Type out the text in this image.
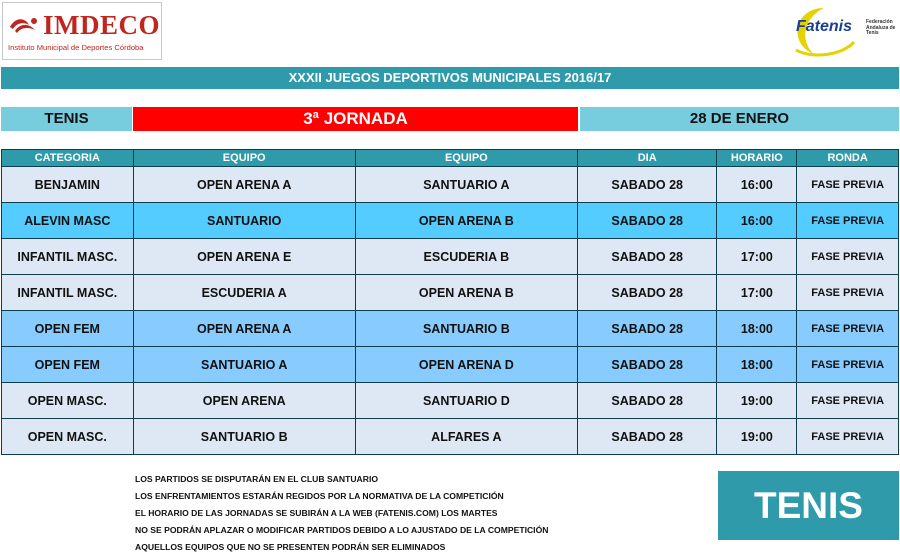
IMDECO
Instituto Municipal de Deportes Córdoba
Fatenis	Federación
Andaluza de
Tenis
XXXII JUEGOS DEPORTIVOS MUNICIPALES 2016/17
TENIS	3ª JORNADA	28 DE ENERO
CATEGORIA	EQUIPO	EQUIPO	DIA	HORARIO	RONDA
BENJAMIN	OPEN ARENA A	SANTUARIO A	SABADO 28	16:00	FASE PREVIA
ALEVIN MASC	SANTUARIO	OPEN ARENA B	SABADO 28	16:00	FASE PREVIA
INFANTIL MASC.	OPEN ARENA E	ESCUDERIA B	SABADO 28	17:00	FASE PREVIA
INFANTIL MASC.	ESCUDERIA A	OPEN ARENA B	SABADO 28	17:00	FASE PREVIA
OPEN FEM	OPEN ARENA A	SANTUARIO B	SABADO 28	18:00	FASE PREVIA
OPEN FEM	SANTUARIO A	OPEN ARENA D	SABADO 28	18:00	FASE PREVIA
OPEN MASC.	OPEN ARENA	SANTUARIO D	SABADO 28	19:00	FASE PREVIA
OPEN MASC.	SANTUARIO B	ALFARES A	SABADO 28	19:00	FASE PREVIA
LOS PARTIDOS SE DISPUTARÁN EN EL CLUB SANTUARIO
LOS ENFRENTAMIENTOS ESTARÁN REGIDOS POR LA NORMATIVA DE LA COMPETICIÓN
EL HORARIO DE LAS JORNADAS SE SUBIRÁN A LA WEB (FATENIS.COM) LOS MARTES
NO SE PODRÁN APLAZAR O MODIFICAR PARTIDOS DEBIDO A LO AJUSTADO DE LA COMPETICIÓN
AQUELLOS EQUIPOS QUE NO SE PRESENTEN PODRÁN SER ELIMINADOS
TENIS
